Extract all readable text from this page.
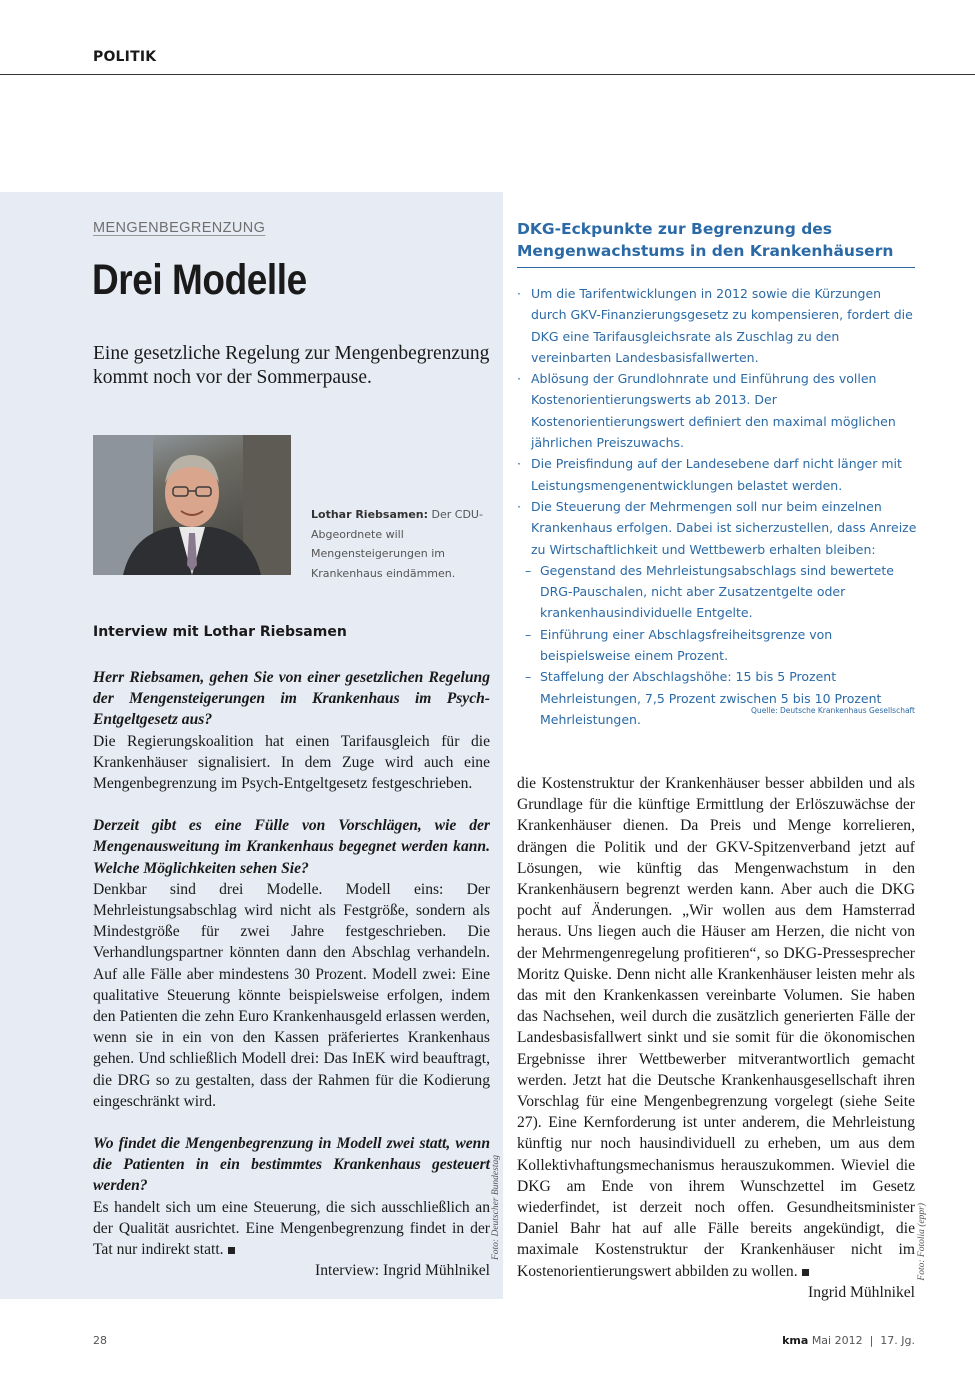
POLITIK
MENGENBEGRENZUNG
Drei Modelle
Eine gesetzliche Regelung zur Mengenbegrenzung kommt noch vor der Sommerpause.
Lothar Riebsamen: Der CDU-Abgeordnete will Mengensteigerungen im Krankenhaus eindämmen.
Interview mit Lothar Riebsamen

Herr Riebsamen, gehen Sie von einer gesetzlichen Regelung der Mengensteigerungen im Krankenhaus im Psych-Entgeltgesetz aus?

Die Regierungskoalition hat einen Tarifausgleich für die Krankenhäuser signalisiert. In dem Zuge wird auch eine Mengenbegrenzung im Psych-Entgeltgesetz festgeschrieben.

Derzeit gibt es eine Fülle von Vorschlägen, wie der Mengenausweitung im Krankenhaus begegnet werden kann. Welche Möglichkeiten sehen Sie?

Denkbar sind drei Modelle. Modell eins: Der Mehrleistungsabschlag wird nicht als Festgröße, sondern als Mindestgröße für zwei Jahre festgeschrieben. Die Verhandlungspartner könnten dann den Abschlag verhandeln. Auf alle Fälle aber mindestens 30 Prozent. Modell zwei: Eine qualitative Steuerung könnte beispielsweise erfolgen, indem den Patienten die zehn Euro Krankenhausgeld erlassen werden, wenn sie in ein von den Kassen präferiertes Krankenhaus gehen. Und schließlich Modell drei: Das InEK wird beauftragt, die DRG so zu gestalten, dass der Rahmen für die Kodierung eingeschränkt wird.

Wo findet die Mengenbegrenzung in Modell zwei statt, wenn die Patienten in ein bestimmtes Krankenhaus gesteuert werden?

Es handelt sich um eine Steuerung, die sich ausschließlich an der Qualität ausrichtet. Eine Mengenbegrenzung findet in der Tat nur indirekt statt.

Interview: Ingrid Mühlnikel

Foto: Deutscher Bundestag	Foto: Fotolia (eppr)
DKG-Eckpunkte zur Begrenzung des Mengenwachstums in den Krankenhäusern
· Um die Tarifentwicklungen in 2012 sowie die Kürzungen durch GKV-Finanzierungsgesetz zu kompensieren, fordert die DKG eine Tarifausgleichsrate als Zuschlag zu den vereinbarten Landesbasisfallwerten.
· Ablösung der Grundlohnrate und Einführung des vollen Kostenorientierungswerts ab 2013. Der Kostenorientierungswert definiert den maximal möglichen jährlichen Preiszuwachs.
· Die Preisfindung auf der Landesebene darf nicht länger mit Leistungsmengenentwicklungen belastet werden.
· Die Steuerung der Mehrmengen soll nur beim einzelnen Krankenhaus erfolgen. Dabei ist sicherzustellen, dass Anreize zu Wirtschaftlichkeit und Wettbewerb erhalten bleiben:
– Gegenstand des Mehrleistungsabschlags sind bewertete DRG-Pauschalen, nicht aber Zusatzentgelte oder krankenhausindividuelle Entgelte.
– Einführung einer Abschlagsfreiheitsgrenze von beispielsweise einem Prozent.
– Staffelung der Abschlagshöhe: 15 bis 5 Prozent Mehrleistungen, 7,5 Prozent zwischen 5 bis 10 Prozent Mehrleistungen.
Quelle: Deutsche Krankenhaus Gesellschaft

die Kostenstruktur der Krankenhäuser besser abbilden und als Grundlage für die künftige Ermittlung der Erlöszuwächse der Krankenhäuser dienen. Da Preis und Menge korrelieren, drängen die Politik und der GKV-Spitzenverband jetzt auf Lösungen, wie künftig das Mengenwachstum in den Krankenhäusern begrenzt werden kann. Aber auch die DKG pocht auf Änderungen. „Wir wollen aus dem Hamsterrad heraus. Uns liegen auch die Häuser am Herzen, die nicht von der Mehrmengenregelung profitieren“, so DKG-Pressesprecher Moritz Quiske. Denn nicht alle Krankenhäuser leisten mehr als das mit den Krankenkassen vereinbarte Volumen. Sie haben das Nachsehen, weil durch die zusätzlich generierten Fälle der Landesbasisfallwert sinkt und sie somit für die ökonomischen Ergebnisse ihrer Wettbewerber mitverantwortlich gemacht werden. Jetzt hat die Deutsche Krankenhausgesellschaft ihren Vorschlag für eine Mengenbegrenzung vorgelegt (siehe Seite 27). Eine Kernforderung ist unter anderem, die Mehrleistung künftig nur noch hausindividuell zu erheben, um aus dem Kollektivhaftungsmechanismus herauszukommen. Wieviel die DKG am Ende von ihrem Wunschzettel im Gesetz wiederfindet, ist derzeit noch offen. Gesundheitsminister Daniel Bahr hat auf alle Fälle bereits angekündigt, die maximale Kostenstruktur der Krankenhäuser nicht im Kostenorientierungswert abbilden zu wollen.

Ingrid Mühlnikel

28	kma Mai 2012  |  17. Jg.
